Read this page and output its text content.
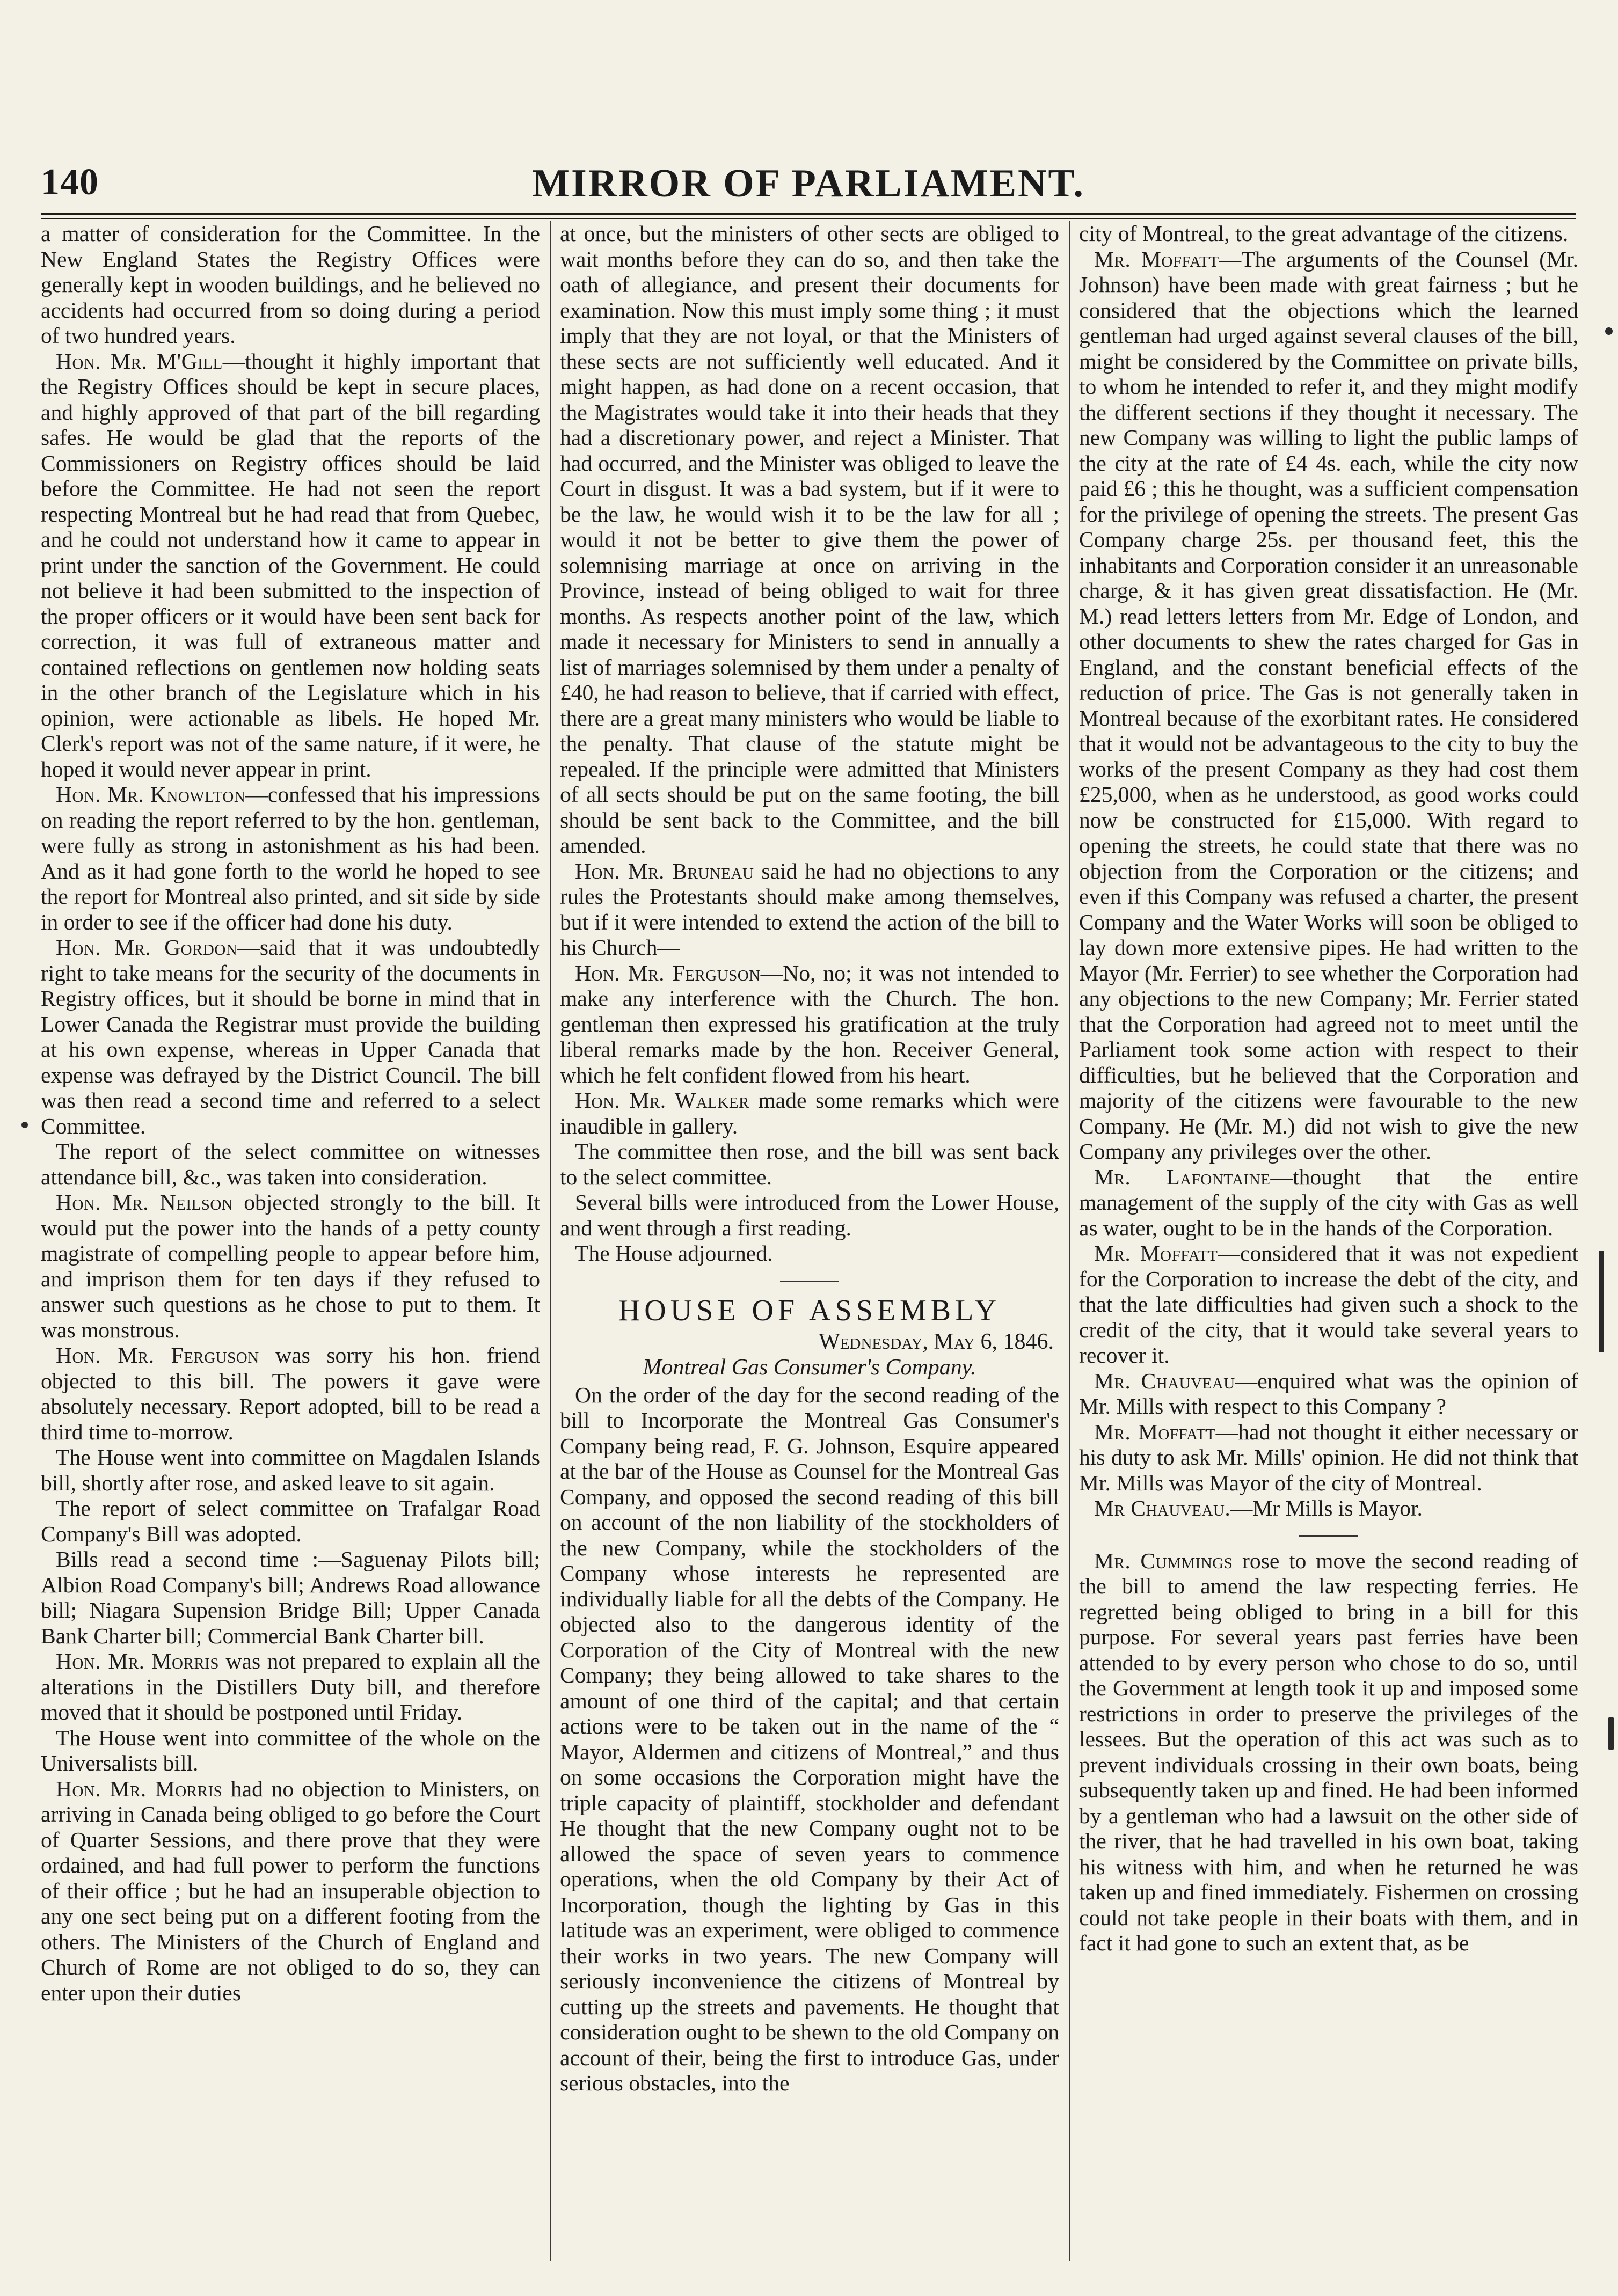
140	MIRROR OF PARLIAMENT.

a matter of consideration for the Committee. In the New England States the Registry Offices were generally kept in wooden buildings, and he believed no accidents had occurred from so doing during a period of two hundred years.

Hon. Mr. M'Gill—thought it highly important that the Registry Offices should be kept in secure places, and highly approved of that part of the bill regarding safes. He would be glad that the reports of the Commissioners on Registry offices should be laid before the Committee. He had not seen the report respecting Montreal but he had read that from Quebec, and he could not understand how it came to appear in print under the sanction of the Government. He could not believe it had been submitted to the inspection of the proper officers or it would have been sent back for correction, it was full of extraneous matter and contained reflections on gentlemen now holding seats in the other branch of the Legislature which in his opinion, were actionable as libels. He hoped Mr. Clerk's report was not of the same nature, if it were, he hoped it would never appear in print.

Hon. Mr. Knowlton—confessed that his impressions on reading the report referred to by the hon. gentleman, were fully as strong in astonishment as his had been. And as it had gone forth to the world he hoped to see the report for Montreal also printed, and sit side by side in order to see if the officer had done his duty.

Hon. Mr. Gordon—said that it was undoubtedly right to take means for the security of the documents in Registry offices, but it should be borne in mind that in Lower Canada the Registrar must provide the building at his own expense, whereas in Upper Canada that expense was defrayed by the District Council. The bill was then read a second time and referred to a select Committee.

The report of the select committee on witnesses attendance bill, &c., was taken into consideration.

Hon. Mr. Neilson objected strongly to the bill. It would put the power into the hands of a petty county magistrate of compelling people to appear before him, and imprison them for ten days if they refused to answer such questions as he chose to put to them. It was monstrous.

Hon. Mr. Ferguson was sorry his hon. friend objected to this bill. The powers it gave were absolutely necessary. Report adopted, bill to be read a third time to-morrow.

The House went into committee on Magdalen Islands bill, shortly after rose, and asked leave to sit again.

The report of select committee on Trafalgar Road Company's Bill was adopted.

Bills read a second time :—Saguenay Pilots bill; Albion Road Company's bill; Andrews Road allowance bill; Niagara Supension Bridge Bill; Upper Canada Bank Charter bill; Commercial Bank Charter bill.

Hon. Mr. Morris was not prepared to explain all the alterations in the Distillers Duty bill, and therefore moved that it should be postponed until Friday.

The House went into committee of the whole on the Universalists bill.

Hon. Mr. Morris had no objection to Ministers, on arriving in Canada being obliged to go before the Court of Quarter Sessions, and there prove that they were ordained, and had full power to perform the functions of their office ; but he had an insuperable objection to any one sect being put on a different footing from the others. The Ministers of the Church of England and Church of Rome are not obliged to do so, they can enter upon their duties

at once, but the ministers of other sects are obliged to wait months before they can do so, and then take the oath of allegiance, and present their documents for examination. Now this must imply some thing ; it must imply that they are not loyal, or that the Ministers of these sects are not sufficiently well educated. And it might happen, as had done on a recent occasion, that the Magistrates would take it into their heads that they had a discretionary power, and reject a Minister. That had occurred, and the Minister was obliged to leave the Court in disgust. It was a bad system, but if it were to be the law, he would wish it to be the law for all ; would it not be better to give them the power of solemnising marriage at once on arriving in the Province, instead of being obliged to wait for three months. As respects another point of the law, which made it necessary for Ministers to send in annually a list of marriages solemnised by them under a penalty of £40, he had reason to believe, that if carried with effect, there are a great many ministers who would be liable to the penalty. That clause of the statute might be repealed. If the principle were admitted that Ministers of all sects should be put on the same footing, the bill should be sent back to the Committee, and the bill amended.

Hon. Mr. Bruneau said he had no objections to any rules the Protestants should make among themselves, but if it were intended to extend the action of the bill to his Church—

Hon. Mr. Ferguson—No, no; it was not intended to make any interference with the Church. The hon. gentleman then expressed his gratification at the truly liberal remarks made by the hon. Receiver General, which he felt confident flowed from his heart.

Hon. Mr. Walker made some remarks which were inaudible in gallery.

The committee then rose, and the bill was sent back to the select committee.

Several bills were introduced from the Lower House, and went through a first reading.

The House adjourned.

HOUSE OF ASSEMBLY
Wednesday, May 6, 1846.
Montreal Gas Consumer's Company.

On the order of the day for the second reading of the bill to Incorporate the Montreal Gas Consumer's Company being read, F. G. Johnson, Esquire appeared at the bar of the House as Counsel for the Montreal Gas Company, and opposed the second reading of this bill on account of the non liability of the stockholders of the new Company, while the stockholders of the Company whose interests he represented are individually liable for all the debts of the Company. He objected also to the dangerous identity of the Corporation of the City of Montreal with the new Company; they being allowed to take shares to the amount of one third of the capital; and that certain actions were to be taken out in the name of the “ Mayor, Aldermen and citizens of Montreal,” and thus on some occasions the Corporation might have the triple capacity of plaintiff, stockholder and defendant He thought that the new Company ought not to be allowed the space of seven years to commence operations, when the old Company by their Act of Incorporation, though the lighting by Gas in this latitude was an experiment, were obliged to commence their works in two years. The new Company will seriously inconvenience the citizens of Montreal by cutting up the streets and pavements. He thought that consideration ought to be shewn to the old Company on account of their, being the first to introduce Gas, under serious obstacles, into the

city of Montreal, to the great advantage of the citizens.

Mr. Moffatt—The arguments of the Counsel (Mr. Johnson) have been made with great fairness ; but he considered that the objections which the learned gentleman had urged against several clauses of the bill, might be considered by the Committee on private bills, to whom he intended to refer it, and they might modify the different sections if they thought it necessary. The new Company was willing to light the public lamps of the city at the rate of £4 4s. each, while the city now paid £6 ; this he thought, was a sufficient compensation for the privilege of opening the streets. The present Gas Company charge 25s. per thousand feet, this the inhabitants and Corporation consider it an unreasonable charge, & it has given great dissatisfaction. He (Mr. M.) read letters letters from Mr. Edge of London, and other documents to shew the rates charged for Gas in England, and the constant beneficial effects of the reduction of price. The Gas is not generally taken in Montreal because of the exorbitant rates. He considered that it would not be advantageous to the city to buy the works of the present Company as they had cost them £25,000, when as he understood, as good works could now be constructed for £15,000. With regard to opening the streets, he could state that there was no objection from the Corporation or the citizens; and even if this Company was refused a charter, the present Company and the Water Works will soon be obliged to lay down more extensive pipes. He had written to the Mayor (Mr. Ferrier) to see whether the Corporation had any objections to the new Company; Mr. Ferrier stated that the Corporation had agreed not to meet until the Parliament took some action with respect to their difficulties, but he believed that the Corporation and majority of the citizens were favourable to the new Company. He (Mr. M.) did not wish to give the new Company any privileges over the other.

Mr. Lafontaine—thought that the entire management of the supply of the city with Gas as well as water, ought to be in the hands of the Corporation.

Mr. Moffatt—considered that it was not expedient for the Corporation to increase the debt of the city, and that the late difficulties had given such a shock to the credit of the city, that it would take several years to recover it.

Mr. Chauveau—enquired what was the opinion of Mr. Mills with respect to this Company ?

Mr. Moffatt—had not thought it either necessary or his duty to ask Mr. Mills' opinion. He did not think that Mr. Mills was Mayor of the city of Montreal.

Mr Chauveau.—Mr Mills is Mayor.

Mr. Cummings rose to move the second reading of the bill to amend the law respecting ferries. He regretted being obliged to bring in a bill for this purpose. For several years past ferries have been attended to by every person who chose to do so, until the Government at length took it up and imposed some restrictions in order to preserve the privileges of the lessees. But the operation of this act was such as to prevent individuals crossing in their own boats, being subsequently taken up and fined. He had been informed by a gentleman who had a lawsuit on the other side of the river, that he had travelled in his own boat, taking his witness with him, and when he returned he was taken up and fined immediately. Fishermen on crossing could not take people in their boats with them, and in fact it had gone to such an extent that, as be
